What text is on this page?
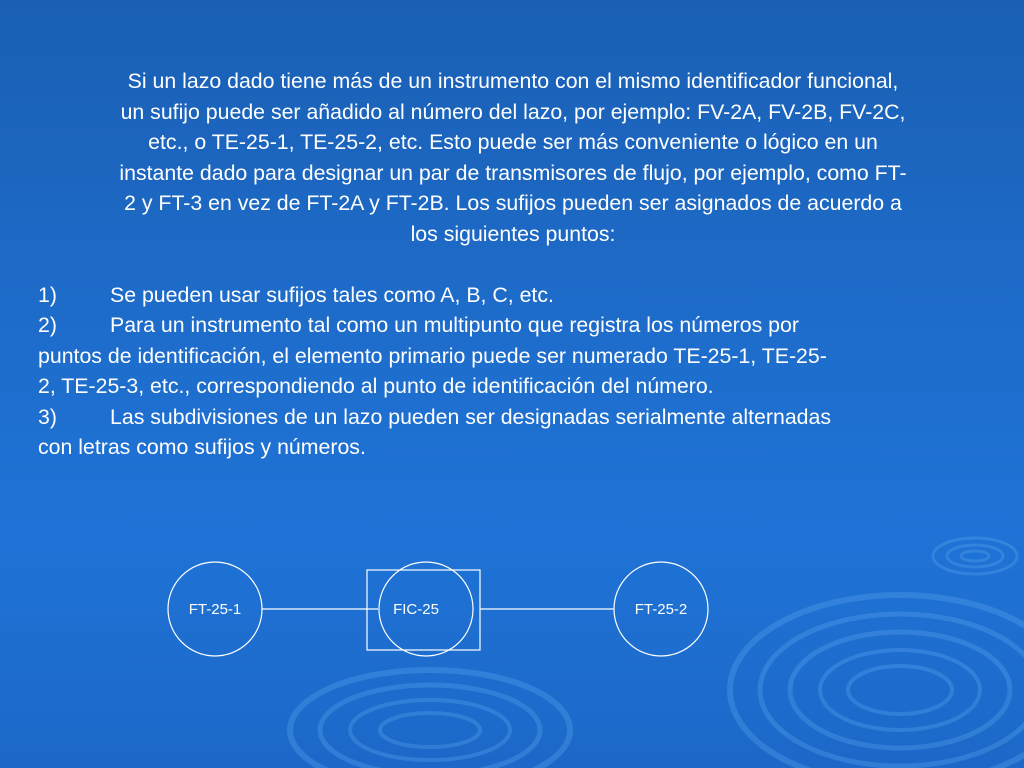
Si un lazo dado tiene más de un instrumento con el mismo identificador funcional,
un sufijo puede ser añadido al número del lazo, por ejemplo: FV-2A, FV-2B, FV-2C,
etc., o TE-25-1, TE-25-2, etc. Esto puede ser más conveniente o lógico en un
instante dado para designar un par de transmisores de flujo, por ejemplo, como FT-
2 y FT-3 en vez de FT-2A y FT-2B. Los sufijos pueden ser asignados de acuerdo a
los siguientes puntos:
1) Se pueden usar sufijos tales como A, B, C, etc.
2) Para un instrumento tal como un multipunto que registra los números por
puntos de identificación, el elemento primario puede ser numerado TE-25-1, TE-25-
2, TE-25-3, etc., correspondiendo al punto de identificación del número.
3) Las subdivisiones de un lazo pueden ser designadas serialmente alternadas
con letras como sufijos y números.
FT-25-1	FIC-25	FT-25-2
